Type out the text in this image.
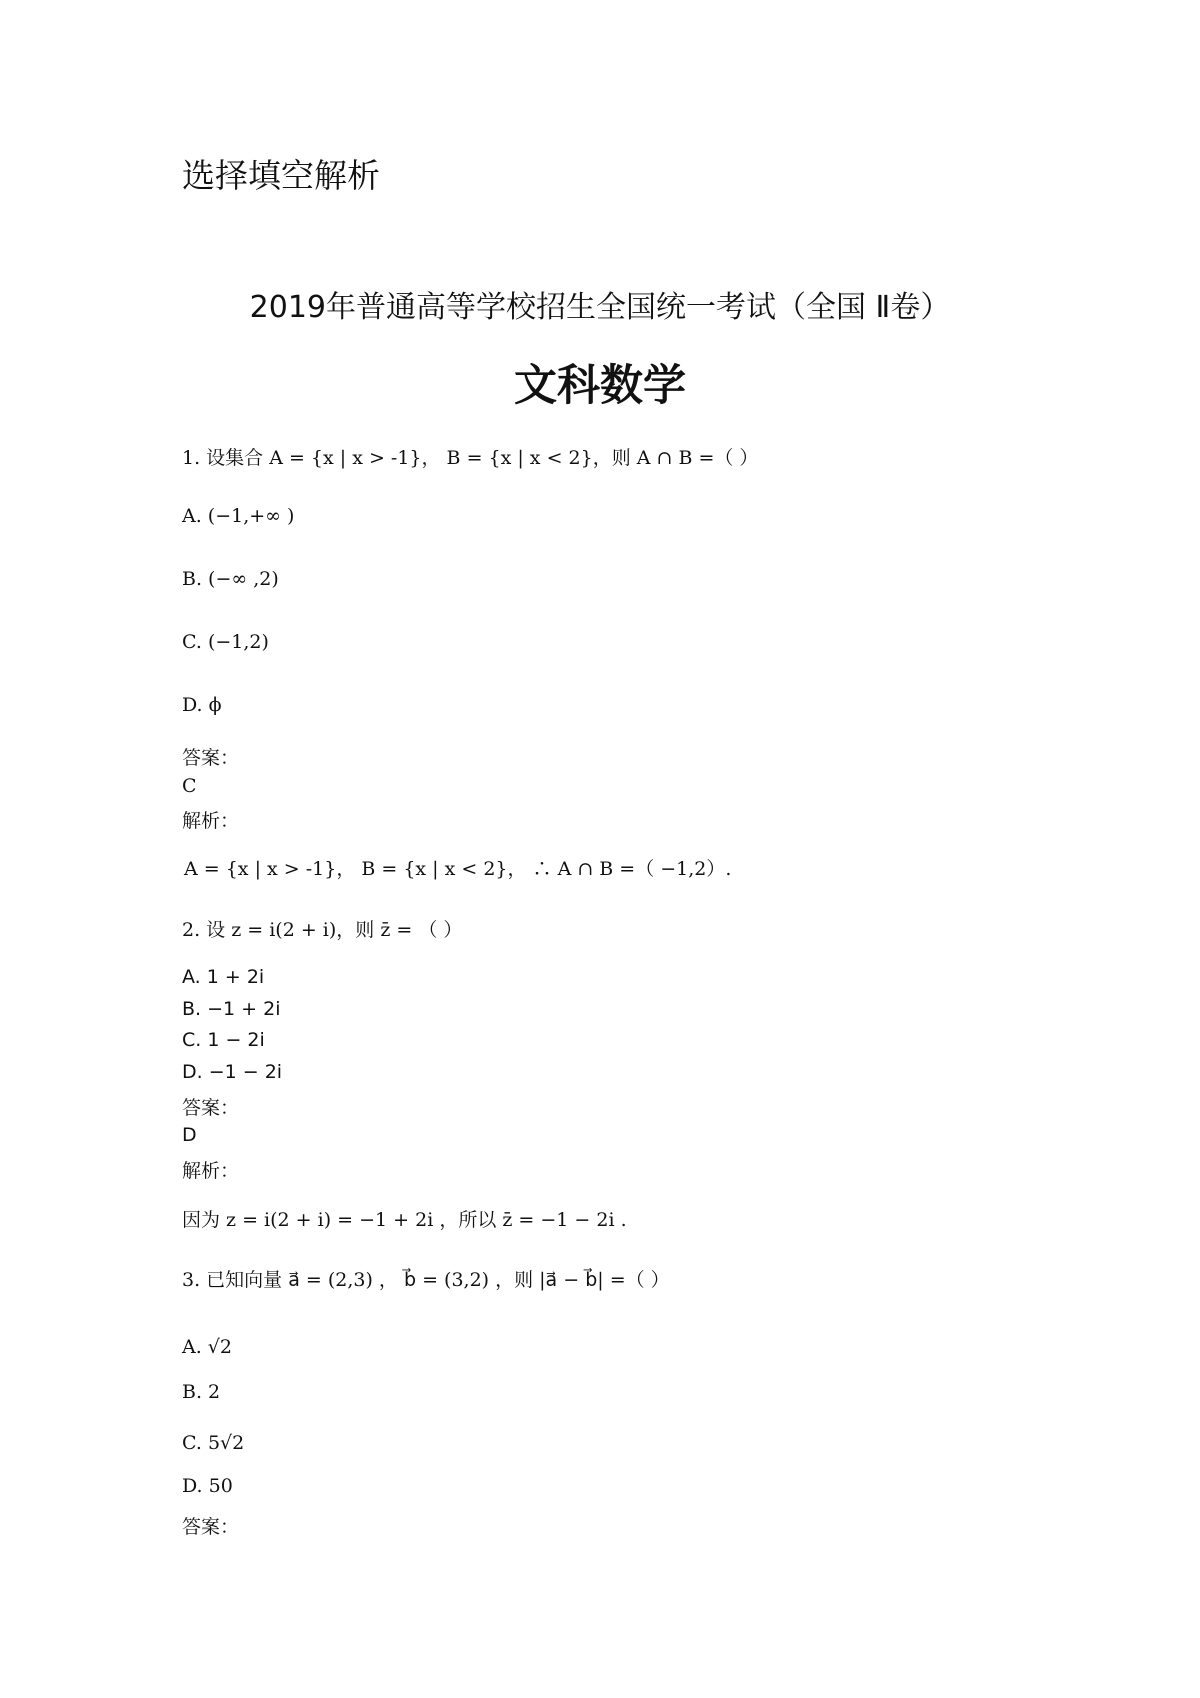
选择填空解析
2019年普通高等学校招生全国统一考试（全国 Ⅱ卷）
文科数学
1. 设集合 A = {x | x > -1}， B = {x | x < 2}，则 A ∩ B =（ ）
A. (−1,+∞ )
B. (−∞ ,2)
C. (−1,2)
D. ϕ
答案：
C
解析：
A = {x | x > -1}， B = {x | x < 2}， ∴ A ∩ B =（ −1,2）.
2. 设 z = i(2 + i)，则 z̄ = （ ）
A. 1 + 2i
B. −1 + 2i
C. 1 − 2i
D. −1 − 2i
答案：
D
解析：
因为 z = i(2 + i) = −1 + 2i ，所以 z̄ = −1 − 2i .
3. 已知向量 a⃗ = (2,3) ， b⃗ = (3,2) ，则 |a⃗ − b⃗| =（ ）
A. √2
B. 2
C. 5√2
D. 50
答案：
